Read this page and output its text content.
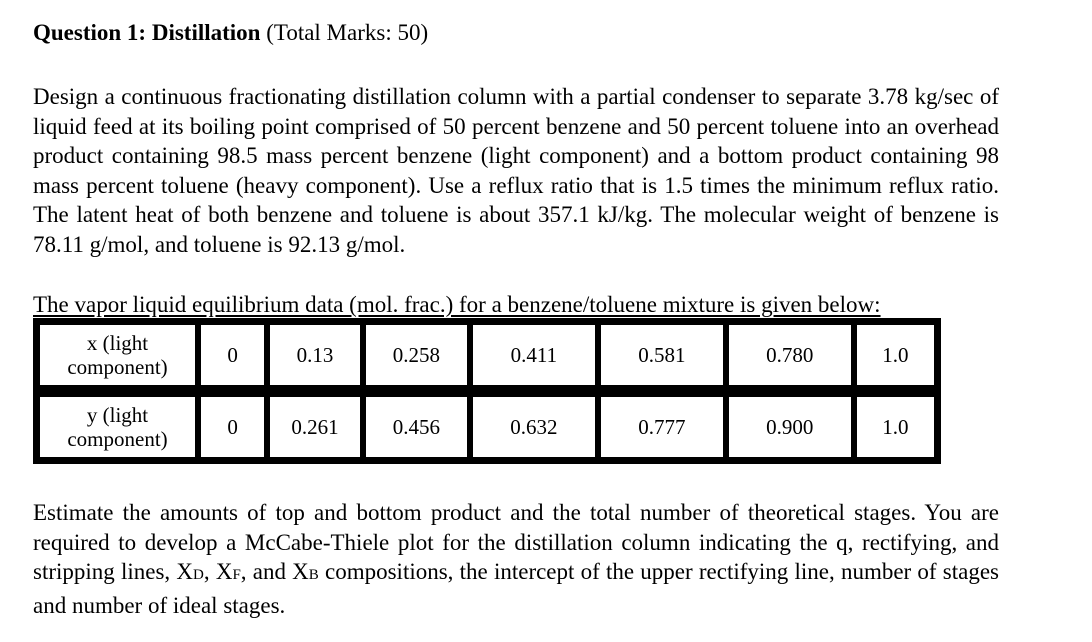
Question 1: Distillation (Total Marks: 50)

Design a continuous fractionating distillation column with a partial condenser to separate 3.78 kg/sec of liquid feed at its boiling point comprised of 50 percent benzene and 50 percent toluene into an overhead product containing 98.5 mass percent benzene (light component) and a bottom product containing 98 mass percent toluene (heavy component). Use a reflux ratio that is 1.5 times the minimum reflux ratio. The latent heat of both benzene and toluene is about 357.1 kJ/kg. The molecular weight of benzene is 78.11 g/mol, and toluene is 92.13 g/mol.

The vapor liquid equilibrium data (mol. frac.) for a benzene/toluene mixture is given below:
x (light
component)	0	0.13	0.258	0.411	0.581	0.780	1.0

y (light
component)	0	0.261	0.456	0.632	0.777	0.900	1.0

Estimate the amounts of top and bottom product and the total number of theoretical stages. You are required to develop a McCabe-Thiele plot for the distillation column indicating the q, rectifying, and stripping lines, XD, XF, and XB compositions, the intercept of the upper rectifying line, number of stages and number of ideal stages.
